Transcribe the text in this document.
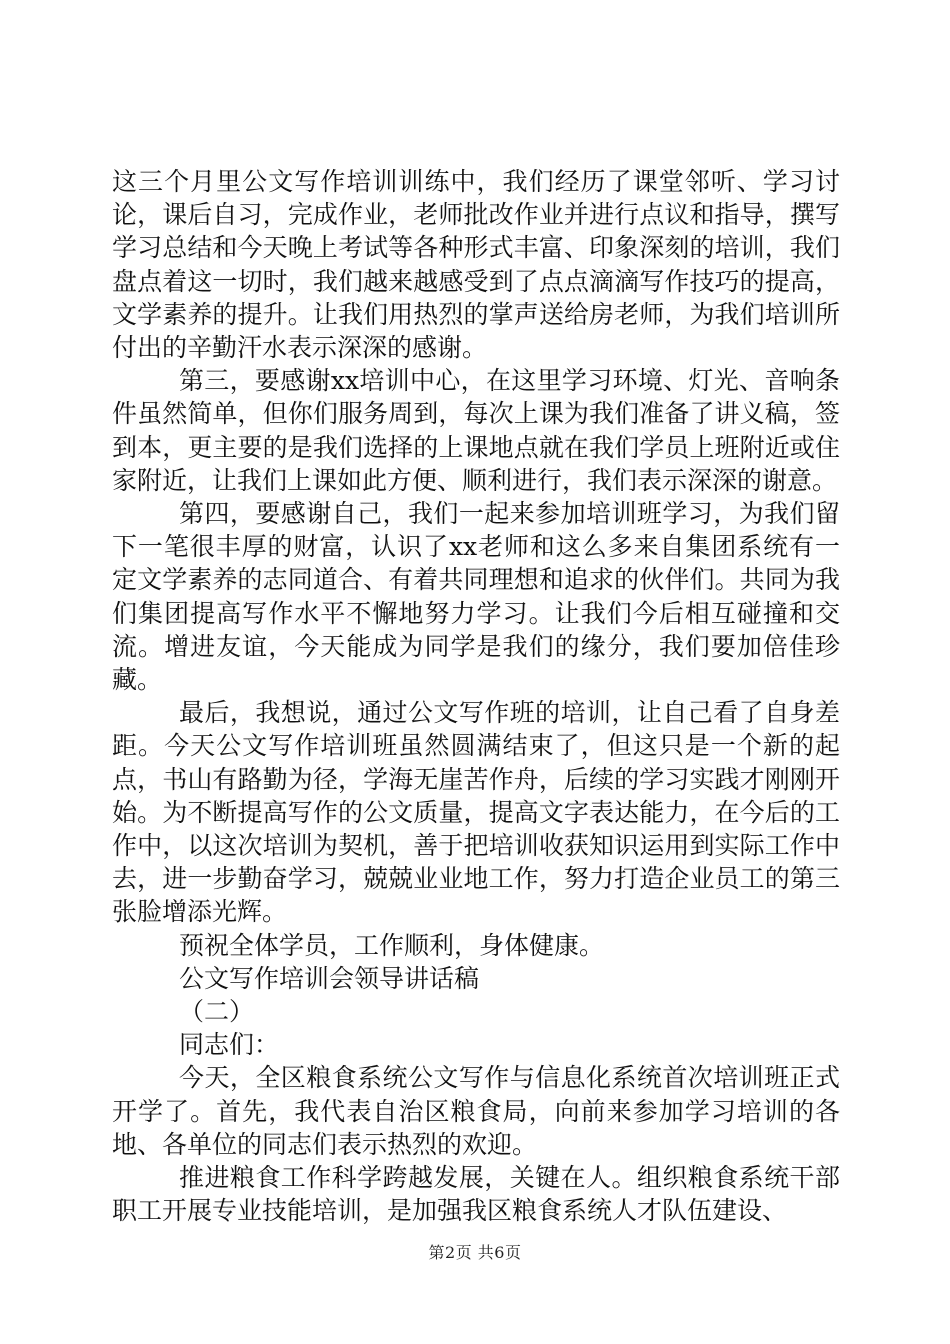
这三个月里公文写作培训训练中，我们经历了课堂邻听、学习讨论，课后自习，完成作业，老师批改作业并进行点议和指导，撰写学习总结和今天晚上考试等各种形式丰富、印象深刻的培训，我们盘点着这一切时，我们越来越感受到了点点滴滴写作技巧的提高，文学素养的提升。让我们用热烈的掌声送给房老师，为我们培训所付出的辛勤汗水表示深深的感谢。

第三，要感谢xx培训中心，在这里学习环境、灯光、音响条件虽然简单，但你们服务周到，每次上课为我们准备了讲义稿，签到本，更主要的是我们选择的上课地点就在我们学员上班附近或住家附近，让我们上课如此方便、顺利进行，我们表示深深的谢意。

第四，要感谢自己，我们一起来参加培训班学习，为我们留下一笔很丰厚的财富，认识了xx老师和这么多来自集团系统有一定文学素养的志同道合、有着共同理想和追求的伙伴们。共同为我们集团提高写作水平不懈地努力学习。让我们今后相互碰撞和交流。增进友谊，今天能成为同学是我们的缘分，我们要加倍佳珍藏。

最后，我想说，通过公文写作班的培训，让自己看了自身差距。今天公文写作培训班虽然圆满结束了，但这只是一个新的起点，书山有路勤为径，学海无崖苦作舟，后续的学习实践才刚刚开始。为不断提高写作的公文质量，提高文字表达能力，在今后的工作中，以这次培训为契机，善于把培训收获知识运用到实际工作中去，进一步勤奋学习，兢兢业业地工作，努力打造企业员工的第三张脸增添光辉。

预祝全体学员，工作顺利，身体健康。

公文写作培训会领导讲话稿

（二）

同志们：

今天，全区粮食系统公文写作与信息化系统首次培训班正式开学了。首先，我代表自治区粮食局，向前来参加学习培训的各地、各单位的同志们表示热烈的欢迎。

推进粮食工作科学跨越发展，关键在人。组织粮食系统干部职工开展专业技能培训，是加强我区粮食系统人才队伍建设、

第2页 共6页
